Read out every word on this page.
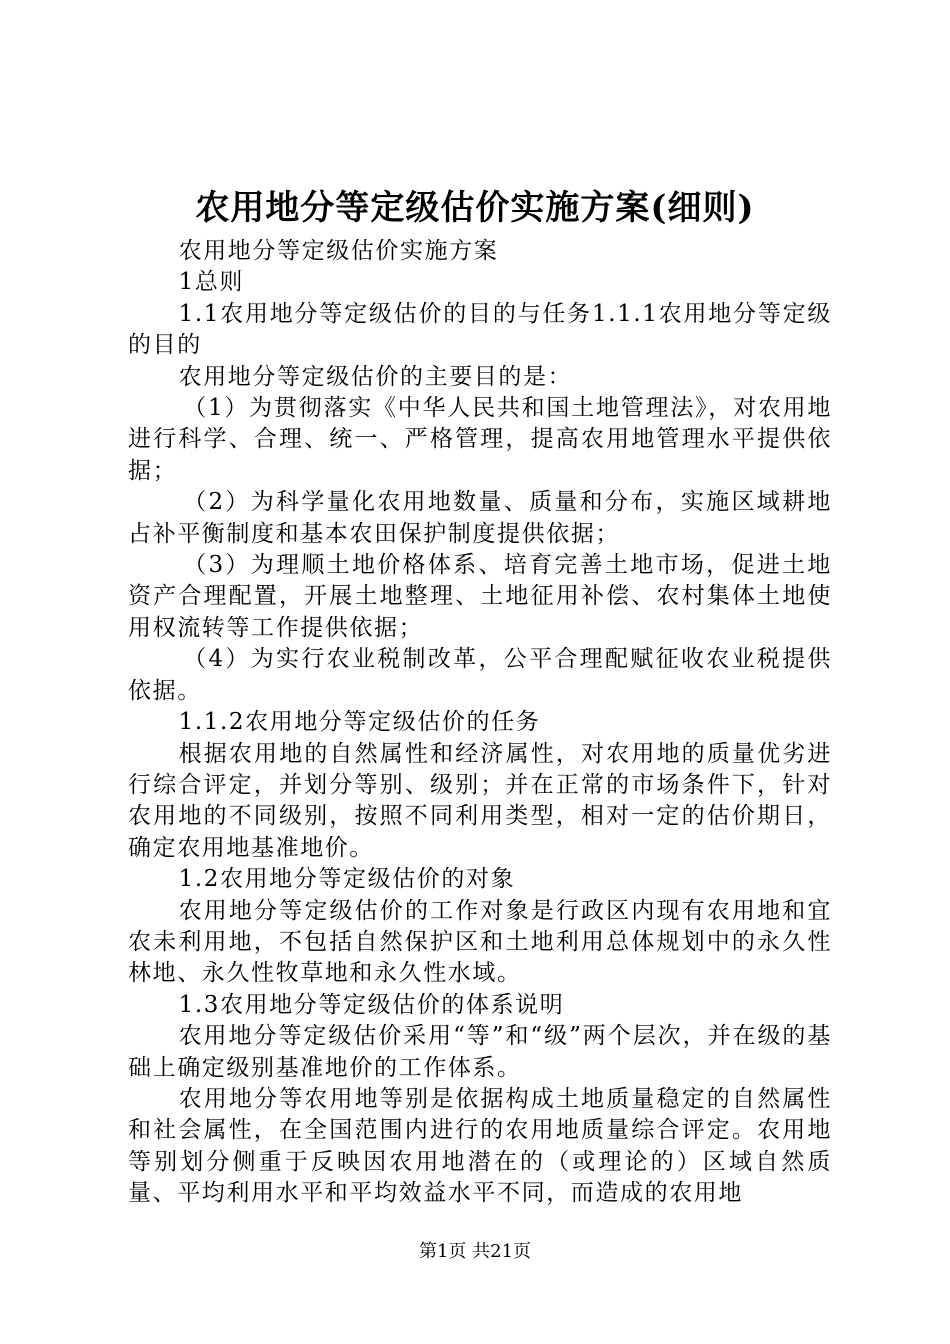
农用地分等定级估价实施方案(细则)

农用地分等定级估价实施方案

1总则

1.1农用地分等定级估价的目的与任务1.1.1农用地分等定级的目的

农用地分等定级估价的主要目的是：

（1）为贯彻落实《中华人民共和国土地管理法》，对农用地进行科学、合理、统一、严格管理，提高农用地管理水平提供依据；

（2）为科学量化农用地数量、质量和分布，实施区域耕地占补平衡制度和基本农田保护制度提供依据；

（3）为理顺土地价格体系、培育完善土地市场，促进土地资产合理配置，开展土地整理、土地征用补偿、农村集体土地使用权流转等工作提供依据；

（4）为实行农业税制改革，公平合理配赋征收农业税提供依据。

1.1.2农用地分等定级估价的任务

根据农用地的自然属性和经济属性，对农用地的质量优劣进行综合评定，并划分等别、级别；并在正常的市场条件下，针对农用地的不同级别，按照不同利用类型，相对一定的估价期日，确定农用地基准地价。

1.2农用地分等定级估价的对象

农用地分等定级估价的工作对象是行政区内现有农用地和宜农未利用地，不包括自然保护区和土地利用总体规划中的永久性林地、永久性牧草地和永久性水域。

1.3农用地分等定级估价的体系说明

农用地分等定级估价采用“等”和“级”两个层次，并在级的基础上确定级别基准地价的工作体系。

农用地分等农用地等别是依据构成土地质量稳定的自然属性和社会属性，在全国范围内进行的农用地质量综合评定。农用地等别划分侧重于反映因农用地潜在的（或理论的）区域自然质量、平均利用水平和平均效益水平不同，而造成的农用地

第1页 共21页
